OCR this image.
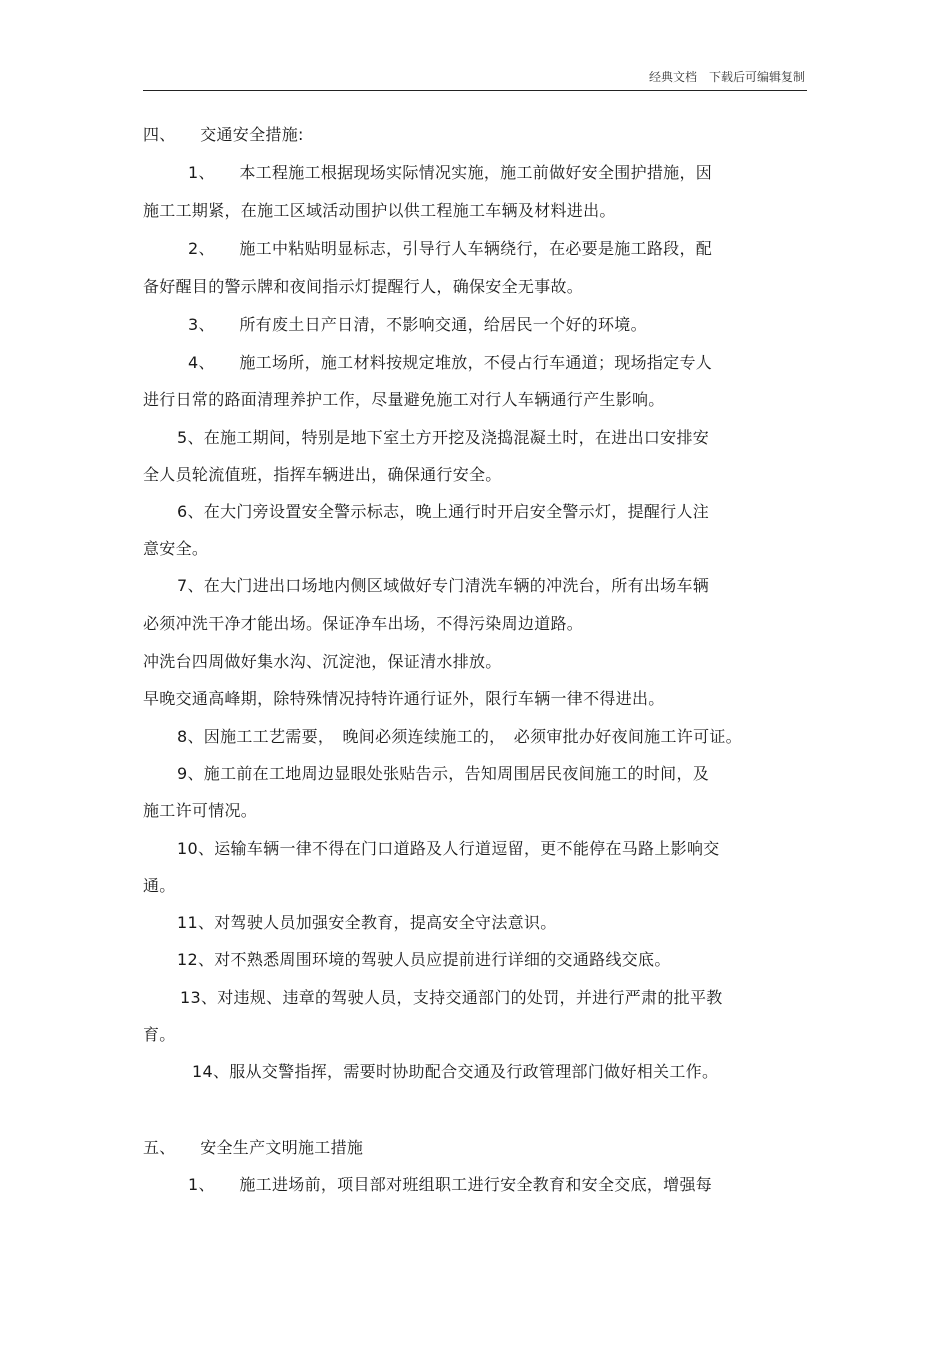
经典文档　下载后可编辑复制
四、　　交通安全措施:
1、　　本工程施工根据现场实际情况实施，施工前做好安全围护措施，因
施工工期紧，在施工区域活动围护以供工程施工车辆及材料进出。
2、　　施工中粘贴明显标志，引导行人车辆绕行，在必要是施工路段，配
备好醒目的警示牌和夜间指示灯提醒行人，确保安全无事故。
3、　　所有废土日产日清，不影响交通，给居民一个好的环境。
4、　　施工场所，施工材料按规定堆放，不侵占行车通道；现场指定专人
进行日常的路面清理养护工作，尽量避免施工对行人车辆通行产生影响。
5、在施工期间，特别是地下室土方开挖及浇捣混凝土时，在进出口安排安
全人员轮流值班，指挥车辆进出，确保通行安全。
6、在大门旁设置安全警示标志，晚上通行时开启安全警示灯，提醒行人注
意安全。
7、在大门进出口场地内侧区域做好专门清洗车辆的冲洗台，所有出场车辆
必须冲洗干净才能出场。保证净车出场，不得污染周边道路。
冲洗台四周做好集水沟、沉淀池，保证清水排放。
早晚交通高峰期，除特殊情况持特许通行证外，限行车辆一律不得进出。
8、因施工工艺需要，　晚间必须连续施工的，　必须审批办好夜间施工许可证。
9、施工前在工地周边显眼处张贴告示，告知周围居民夜间施工的时间，及
施工许可情况。
10、运输车辆一律不得在门口道路及人行道逗留，更不能停在马路上影响交
通。
11、对驾驶人员加强安全教育，提高安全守法意识。
12、对不熟悉周围环境的驾驶人员应提前进行详细的交通路线交底。
13、对违规、违章的驾驶人员，支持交通部门的处罚，并进行严肃的批平教
育。
14、服从交警指挥，需要时协助配合交通及行政管理部门做好相关工作。
五、　　安全生产文明施工措施
1、　　施工进场前，项目部对班组职工进行安全教育和安全交底，增强每
